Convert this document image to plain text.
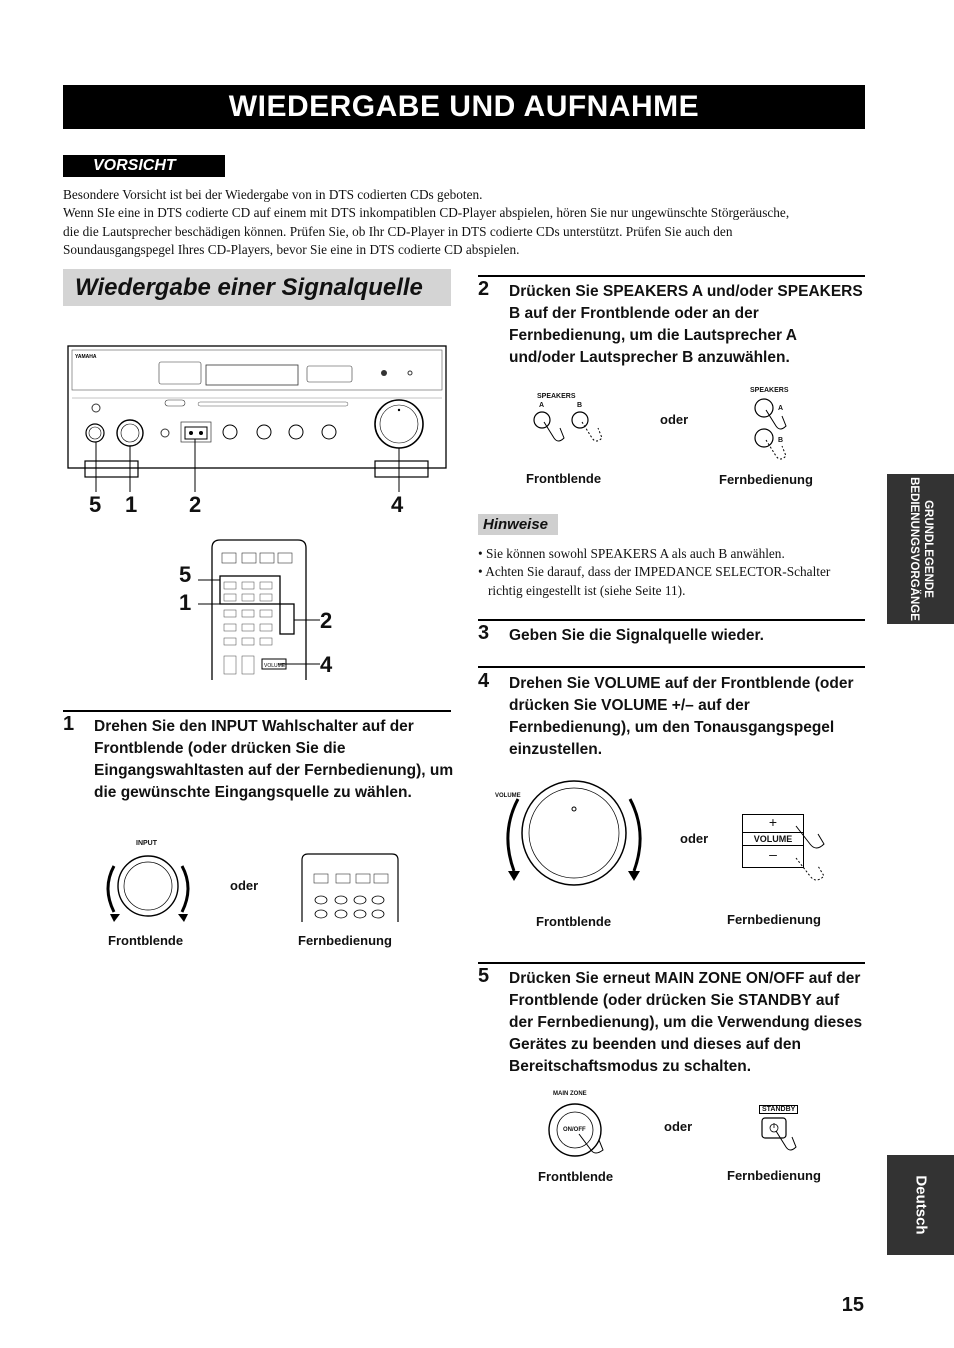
WIEDERGABE UND AUFNAHME
VORSICHT
Besondere Vorsicht ist bei der Wiedergabe von in DTS codierten CDs geboten.
Wenn SIe eine in DTS codierte CD auf einem mit DTS inkompatiblen CD-Player abspielen, hören Sie nur ungewünschte Störgeräusche,
die die Lautsprecher beschädigen können. Prüfen Sie, ob Ihr CD-Player in DTS codierte CDs unterstützt. Prüfen Sie auch den
Soundausgangspegel Ihres CD-Players, bevor Sie eine in DTS codierte CD abspielen.
Wiedergabe einer Signalquelle
YAMAHA
5 1 2	4
VOLUME
5
1
2
4
1 Drehen Sie den INPUT Wahlschalter auf der Frontblende (oder drücken Sie die Eingangswahltasten auf der Fernbedienung), um die gewünschte Eingangsquelle zu wählen.
INPUT
oder
Frontblende	Fernbedienung
2 Drücken Sie SPEAKERS A und/oder SPEAKERS B auf der Frontblende oder an der Fernbedienung, um die Lautsprecher A und/oder Lautsprecher B anzuwählen.
SPEAKERS
A	B
oder
SPEAKERS
A
B
Frontblende	Fernbedienung
Hinweise
• Sie können sowohl SPEAKERS A als auch B anwählen.
• Achten Sie darauf, dass der IMPEDANCE SELECTOR-Schalter richtig eingestellt ist (siehe Seite 11).
3 Geben Sie die Signalquelle wieder.
4 Drehen Sie VOLUME auf der Frontblende (oder drücken Sie VOLUME +/– auf der Fernbedienung), um den Tonausgangspegel einzustellen.
VOLUME
oder
+
VOLUME
–
Frontblende	Fernbedienung
5 Drücken Sie erneut MAIN ZONE ON/OFF auf der Frontblende (oder drücken Sie STANDBY auf der Fernbedienung), um die Verwendung dieses Gerätes zu beenden und dieses auf den Bereitschaftsmodus zu schalten.
MAIN ZONE
ON/OFF	oder
STANDBY
Frontblende	Fernbedienung
GRUNDLEGENDE BEDIENUNGSVORGÄNGE
Deutsch
15
